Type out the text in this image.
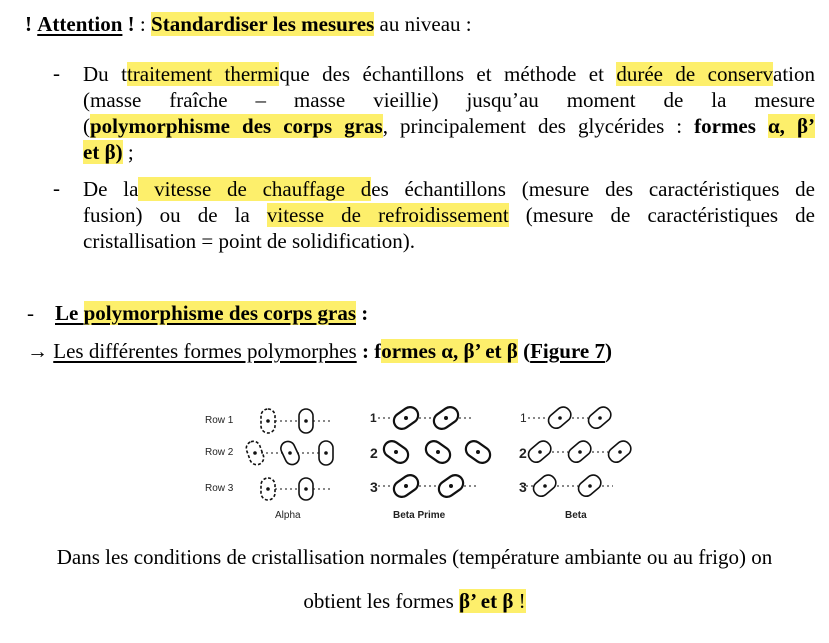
! Attention ! : Standardiser les mesures au niveau :
- Du ttraitement thermique des échantillons et méthode et durée de conservation
(masse fraîche – masse vieillie) jusqu’au moment de la mesure
(polymorphisme des corps gras, principalement des glycérides : formes α, β’
et β) ;
- De la vitesse de chauffage des échantillons (mesure des caractéristiques de
fusion) ou de la vitesse de refroidissement (mesure de caractéristiques de
cristallisation = point de solidification).
- Le polymorphisme des corps gras :
→ Les différentes formes polymorphes : formes α, β’ et β (Figure 7)
Row 1
Row 2
Row 3
Alpha
1
2
3
Beta Prime
1
2
3
Beta
Dans les conditions de cristallisation normales (température ambiante ou au frigo) on
obtient les formes β’ et β !
